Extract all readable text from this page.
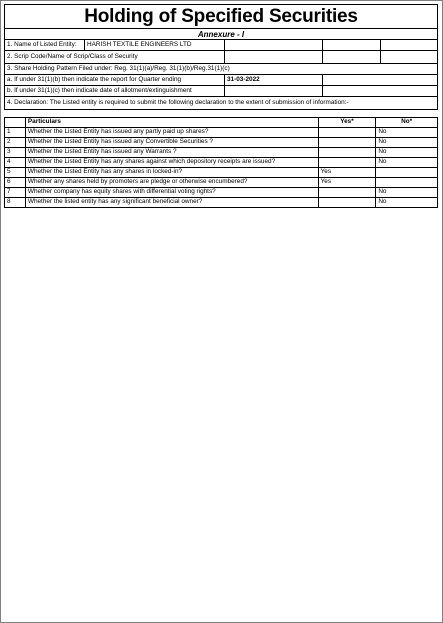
Holding of Specified Securities
Annexure - I
1. Name of Listed Entity:	HARISH TEXTILE ENGINEERS LTD
2. Scrip Code/Name of Scrip/Class of Security
3. Share Holding Pattern Filed under: Reg. 31(1)(a)/Reg. 31(1)(b)/Reg.31(1)(c)
a. If under 31(1)(b) then indicate the report for Quarter ending	31-03-2022
b. If under 31(1)(c) then indicate date of allotment/extinguishment
4. Declaration: The Listed entity is required to submit the following declaration to the extent of submission of information:-
	Particulars	Yes*	No*
1	Whether the Listed Entity has issued any partly paid up shares?		No
2	Whether the Listed Entity has issued any Convertible Securities ?		No
3	Whether the Listed Entity has issued any Warrants ?		No
4	Whether the Listed Entity has any shares against which depository receipts are issued?		No
5	Whether the Listed Entity has any shares in locked-in?	Yes	
6	Whether any shares held by promoters are pledge or otherwise encumbered?	Yes	
7	Whether company has equity shares with differential voting rights?		No
8	Whether the listed entity has any significant beneficial owner?		No
